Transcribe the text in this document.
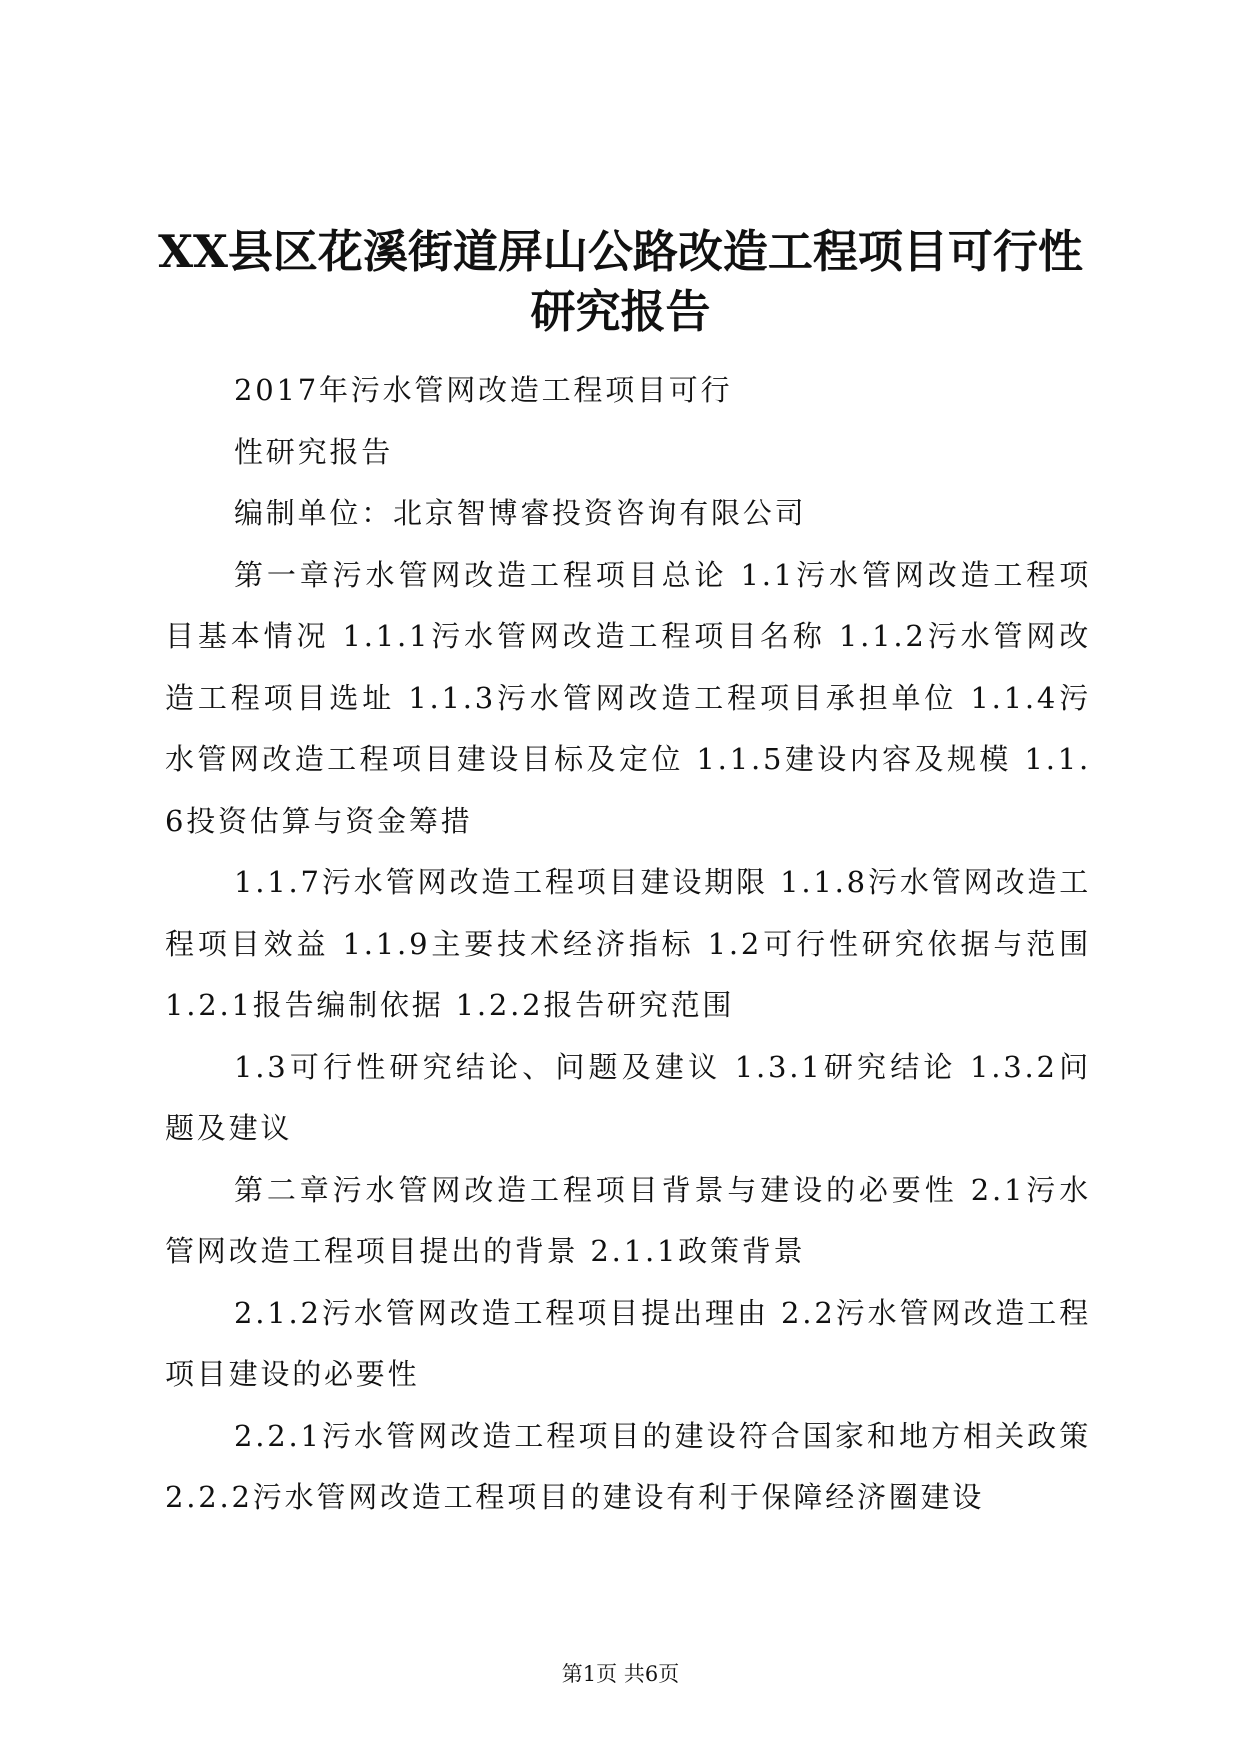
XX县区花溪街道屏山公路改造工程项目可行性研究报告

2017年污水管网改造工程项目可行

性研究报告

编制单位：北京智博睿投资咨询有限公司

第一章污水管网改造工程项目总论 1.1污水管网改造工程项目基本情况 1.1.1污水管网改造工程项目名称 1.1.2污水管网改造工程项目选址 1.1.3污水管网改造工程项目承担单位 1.1.4污水管网改造工程项目建设目标及定位 1.1.5建设内容及规模 1.1.6投资估算与资金筹措

1.1.7污水管网改造工程项目建设期限 1.1.8污水管网改造工程项目效益 1.1.9主要技术经济指标 1.2可行性研究依据与范围 1.2.1报告编制依据 1.2.2报告研究范围

1.3可行性研究结论、问题及建议 1.3.1研究结论 1.3.2问题及建议

第二章污水管网改造工程项目背景与建设的必要性 2.1污水管网改造工程项目提出的背景 2.1.1政策背景

2.1.2污水管网改造工程项目提出理由 2.2污水管网改造工程项目建设的必要性

2.2.1污水管网改造工程项目的建设符合国家和地方相关政策 2.2.2污水管网改造工程项目的建设有利于保障经济圈建设

第1页 共6页
